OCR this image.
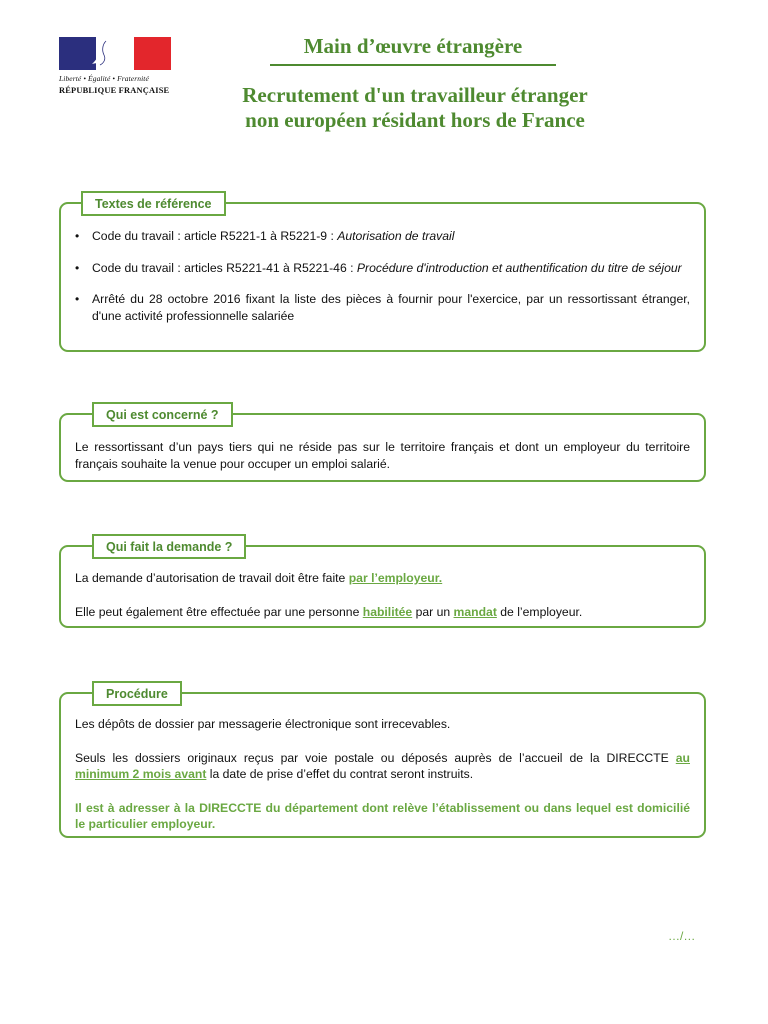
Liberté • Égalité • Fraternité
RÉPUBLIQUE FRANÇAISE
Main d’œuvre étrangère
Recrutement d'un travailleur étranger
non européen résidant hors de France
Textes de référence
• Code du travail : article R5221-1 à R5221-9 : Autorisation de travail
• Code du travail : articles R5221-41 à R5221-46 : Procédure d'introduction et authentification du titre de séjour
• Arrêté du 28 octobre 2016 fixant la liste des pièces à fournir pour l'exercice, par un ressortissant étranger, d'une activité professionnelle salariée
Qui est concerné ?
Le ressortissant d’un pays tiers qui ne réside pas sur le territoire français et dont un employeur du territoire français souhaite la venue pour occuper un emploi salarié.
Qui fait la demande ?

La demande d’autorisation de travail doit être faite par l’employeur.

Elle peut également être effectuée par une personne habilitée par un mandat de l’employeur.

Procédure

Les dépôts de dossier par messagerie électronique sont irrecevables.

Seuls les dossiers originaux reçus par voie postale ou déposés auprès de l’accueil de la DIRECCTE au minimum 2 mois avant la date de prise d’effet du contrat seront instruits.

Il est à adresser à la DIRECCTE du département dont relève l’établissement ou dans lequel est domicilié le particulier employeur.

…/…
